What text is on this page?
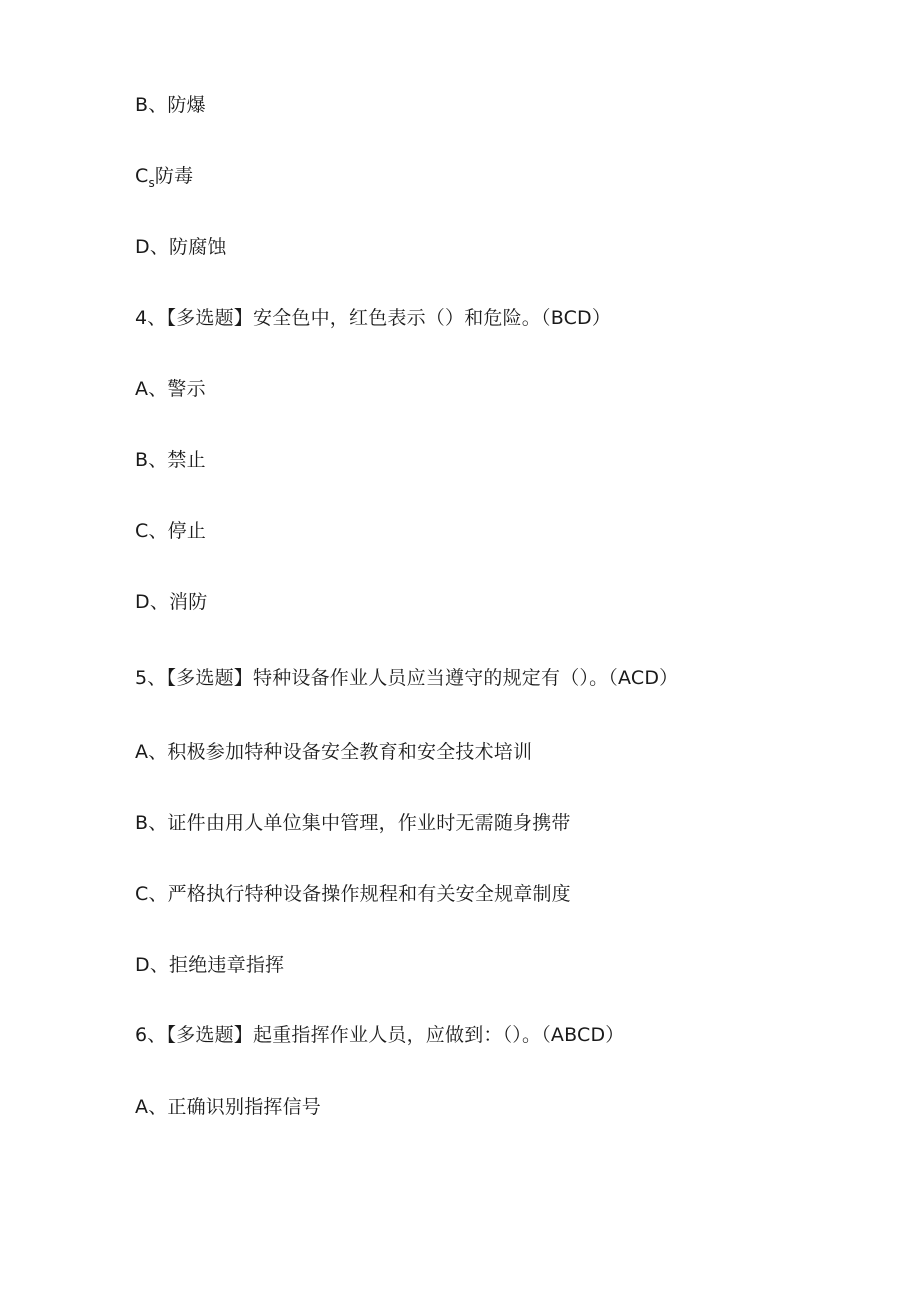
B、防爆
$C_s$防毒
D、防腐蚀
4、【多选题】安全色中，红色表示（）和危险。（BCD）
A、警示
B、禁止
C、停止
D、消防
5、【多选题】特种设备作业人员应当遵守的规定有（）。（ACD）
A、积极参加特种设备安全教育和安全技术培训
B、证件由用人单位集中管理，作业时无需随身携带
C、严格执行特种设备操作规程和有关安全规章制度
D、拒绝违章指挥
6、【多选题】起重指挥作业人员，应做到：（）。（ABCD）
A、正确识别指挥信号
